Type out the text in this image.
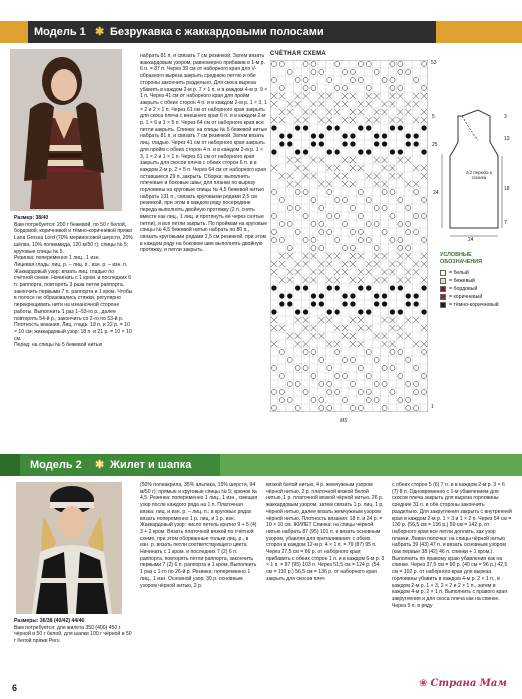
Модель 1 ✱ Безрукавка с жаккардовыми полосами
Размер: 38/40
Вам потребуется: 200 г бежевой, по 50 г белой, бордовой, коричневой и тёмно-коричневой пряжи Lana Grossa Lord (70% мериносовой шерсти, 20% шёлка, 10% полиамида, 120 м/50 г); спицы № 5; круговые спицы № 5.
Резинка: попеременно 1 лиц., 1 изн.
Лицевая гладь: лиц. р. – лиц. п., изн. р. – изн. п.
Жаккардовый узор: вязать лиц. гладью по счётной схеме. Начинать с 1 кром. и последних 6 п. раппорта, повторять 3 раза петли раппорта, закончить первыми 7 п. раппорта и 1 кром. Чтобы в полосе не образовались стяжки, регулярно перекрещивать нити на изнаночной стороне работы. Выполнить 1 раз 1–53-го р., далее повторять 54-й р., закончить со 2-го по 53-й р.
Плотность вязания. Лиц. гладь: 18 п. и 22 р. = 10 × 10 см; жаккардовый узор: 18 п. и 21 р. = 10 × 10 см.
Перед: на спицы № 5 бежевой нитью
набрать 81 п. и связать 7 см резинкой. Затем вязать жаккардовым узором, равномерно прибавив в 1-м р. 6 п. = 87 п. Через 39 см от наборного края для V-образного выреза закрыть среднюю петлю и обе стороны закончить раздельно. Для скоса выреза убавить в каждом 2-м р. 7 × 1 п. и в каждом 4-м р. 9 × 1 п. Через 41 см от наборного края для пройм закрыть с обеих сторон 4 п. и в каждом 2-м р. 1 × 3, 1 × 2 и 2 × 1 п. Через 61 см от наборного края закрыть для скоса плеча с внешнего края 6 п. и в каждом 2-м р. 1 × 6 и 1 × 5 п. Через 64 см от наборного края все петли закрыть. Спинка: на спицы № 5 бежевой нитью набрать 81 п. и связать 7 см резинкой. Затем вязать лиц. гладью. Через 41 см от наборного края закрыть для пройм с обеих сторон 4 п. и в каждом 2-м р. 1 × 3, 1 × 2 и 1 × 1 п. Через 61 см от наборного края закрыть для скосов плеча с обеих сторон 6 п. и в каждом 2-м р. 2 × 5 п. Через 64 см от наборного края оставшиеся 29 п. закрыть. Сборка: выполнить плечевые и боковые швы; для планки по вырезу горловины на круговые спицы № 4,5 бежевой нитью набрать 131 п., связать круговыми рядами 2,5 см резинкой, при этом в каждом ряду посередине переда выполнять двойную протяжку (2 п. снять вместе как лиц., 1 лиц. и протянуть её через снятые петли), и все петли закрыть. По проймам на круговые спицы № 4,5 бежевой нитью набрать по 80 п., связать круговыми рядами 2,5 см резинкой, при этом в каждом ряду на боковом шве выполнять двойную протяжку, и петли закрыть.
СЧЁТНАЯ СХЕМА
53
1
МS
5
25
3
13
18
24
24
7
1/2 переда и спинки
УСЛОВНЫЕ ОБОЗНАЧЕНИЯ
= белый
= бежевый
= бордовый
= коричневый
= тёмно-коричневый
Модель 2 ✱ Жилет и шапка
Размеры: 36/38 (40/42) 44/46
Вам потребуется: для жилета 350 (400) 450 г чёрной и 50 г белой, для шапки 100 г чёрной и 50 г белой пряжи Peru
(50% полиакрила, 35% альпака, 15% шерсти, 94 м/50 г); прямые и круговые спицы № 5; крючок № 4,5. Резинка: попеременно 1 лиц., 1 изн., смещая узор после каждого ряда на 1 п. Платочная вязка: лиц. и изн. р. – лиц. п.; в круговых рядах вязать попеременно 1 р. лиц. и 1 р. изн. Жаккардовый узор: число петель кратно 9 + 5 (4) 3 + 2 кром. Вязать платочной вязкой по счётной схеме, при этом оборванные тольки лиц. р., в изн. р. вязать петли соответствующего цвета. Начинать с 1 кром. и последних 7 (2) 6 п. раппорта, повторять петли раппорта, закончить первыми 7 (2) 6 п. раппорта и 1 кром. Выполнить 1 раз с 1-го по 26-й р. Резинка: попеременно 1 лиц., 1 изн. Основной узор: 30 р. основным узором чёрной нитью, 2 р.
вязкой белой нитью, 4 р. жемчужным узором чёрной нитью, 2 р. платочной вязкой белой нитью, 1 р. платочной вязкой чёрной нитью, 26 р. жаккардовым узором, затем связать 1 р. лиц. 1 р. чёрной нитью, далее вязать жемчужным узором чёрной нитью. Плотность вязания: 18 п. и 24 р. = 10 × 10 см. ЖИЛЕТ Спинка: на спицы чёрной нитью набрать 87 (95) 101 п. и вязать основным узором, убавляя для приталивания: с обеих сторон в каждом 12-м р. 4 × 1 п. = 79 (87) 95 п. Через 27,5 см = 66 р. от наборного края прибавить с обеих сторон 1 п. и в каждом 6-м р. 3 × 1 п. = 87 (95) 103 п. Через 51,5 см = 124 р. (54 см = 130 р.) 56,5 см = 136 р. от наборного края закрыть для скосов плеч
с обеих сторон 5 (6) 7 п. и в каждом 2-м р. 3 × 6 (7) 8 п. Одновременно с 1-м убавлением для скосов плеча закрыть для выреза горловины средние 31 п. и обе стороны закончить раздельно. Для закругления закрыть с внутренней края в каждом 2-м р. 1 × 3 и 1 × 2 п. Через 54 см = 130 р. (56,5 см = 136 р.) 59 см = 142 р. от наборного края все петли доплать, как узор планки. Левая полочка: на спицы чёрной нитью набрать 39 (43) 47 п. и вязать основным узором (как первые 38 (42) 46 п. спинки + 1 кром.). Выполнить по правому краю убавления как на спинке. Через 37,5 см = 90 р. (40 см = 96 р.) 42,5 см = 102 р. от наборного края для выреза горловины убавить в каждом 4-м р. 2 × 1 п., в каждом 2-м р. 1 × 3, 2 × 2 и 2 × 1 п., затем в каждом 4-м р. 2 × 1 п. Выполнить с правого края закругления и для скоса плеча как на спинке. Через 5 п. в ряду
6	❀ Страна Мам
